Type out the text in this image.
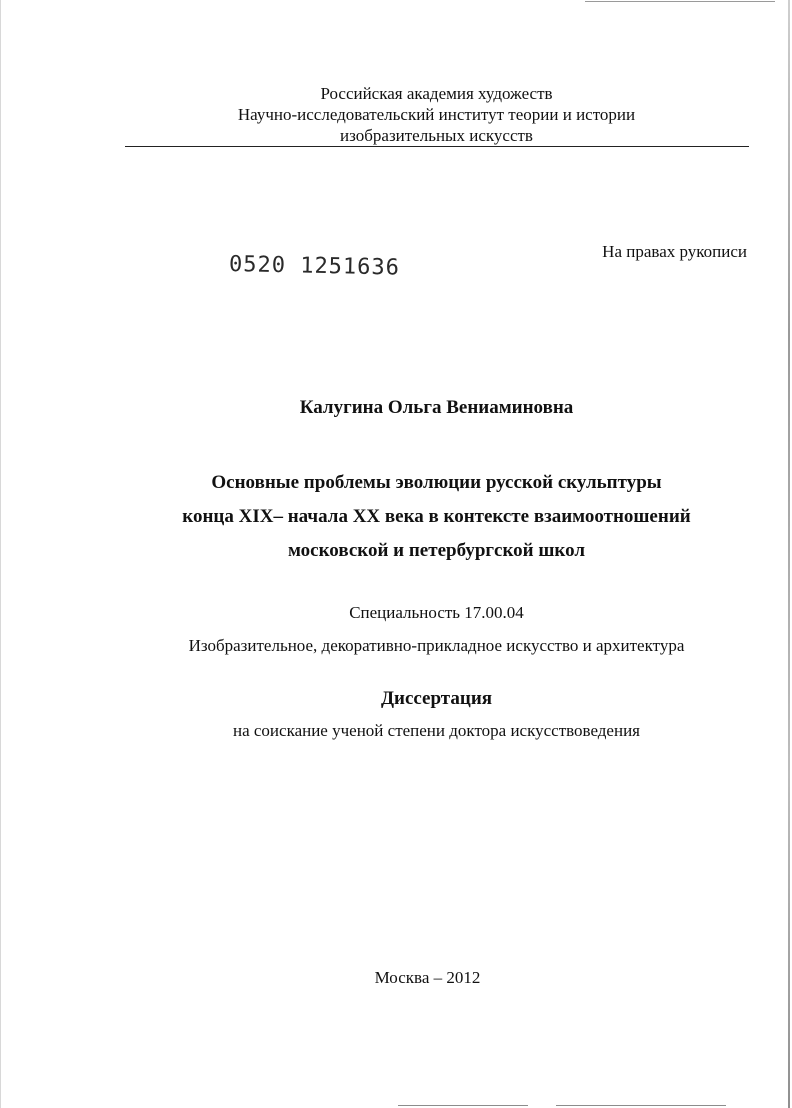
Российская академия художеств
Научно-исследовательский институт теории и истории
изобразительных искусств
0520 1251636
На правах рукописи
Калугина Ольга Вениаминовна
Основные проблемы эволюции русской скульптуры
конца XIX– начала XX века в контексте взаимоотношений
московской и петербургской школ
Специальность 17.00.04
Изобразительное, декоративно-прикладное искусство и архитектура
Диссертация
на соискание ученой степени доктора искусствоведения
Москва – 2012
